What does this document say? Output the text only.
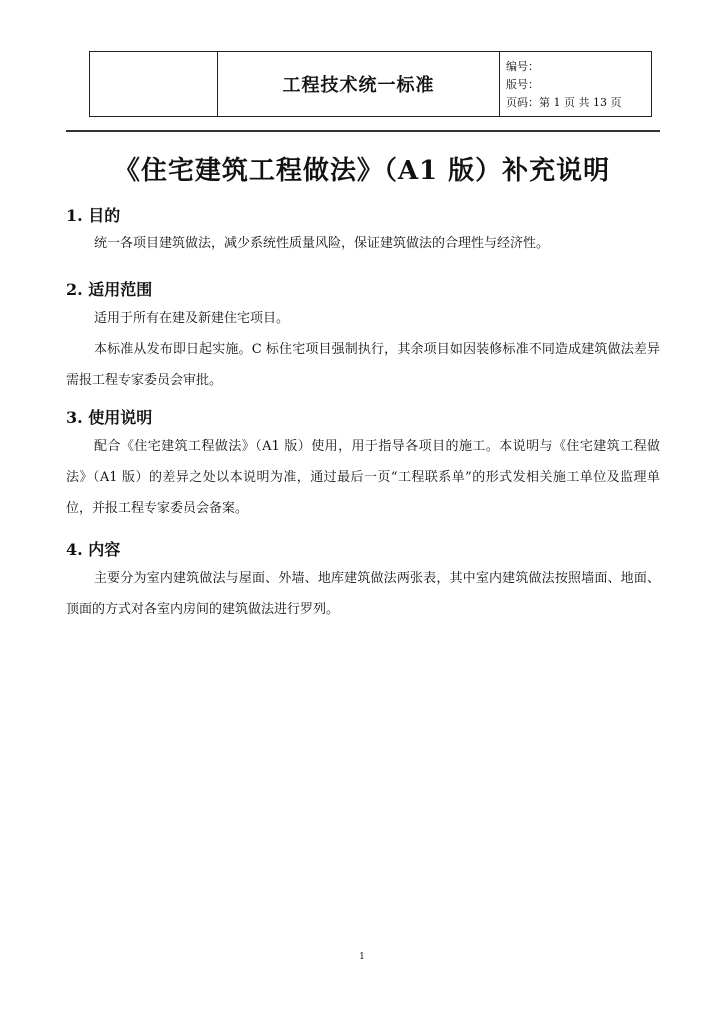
工程技术统一标准
编号：
版号：
页码：第 1 页 共 13 页
《住宅建筑工程做法》（A1 版）补充说明
1. 目的
统一各项目建筑做法，减少系统性质量风险，保证建筑做法的合理性与经济性。
2. 适用范围
适用于所有在建及新建住宅项目。
本标准从发布即日起实施。C 标住宅项目强制执行，其余项目如因装修标准不同造成建筑做法差异需报工程专家委员会审批。
3. 使用说明
配合《住宅建筑工程做法》（A1 版）使用，用于指导各项目的施工。本说明与《住宅建筑工程做法》（A1 版）的差异之处以本说明为准，通过最后一页“工程联系单”的形式发相关施工单位及监理单位，并报工程专家委员会备案。
4. 内容
主要分为室内建筑做法与屋面、外墙、地库建筑做法两张表，其中室内建筑做法按照墙面、地面、顶面的方式对各室内房间的建筑做法进行罗列。
1
